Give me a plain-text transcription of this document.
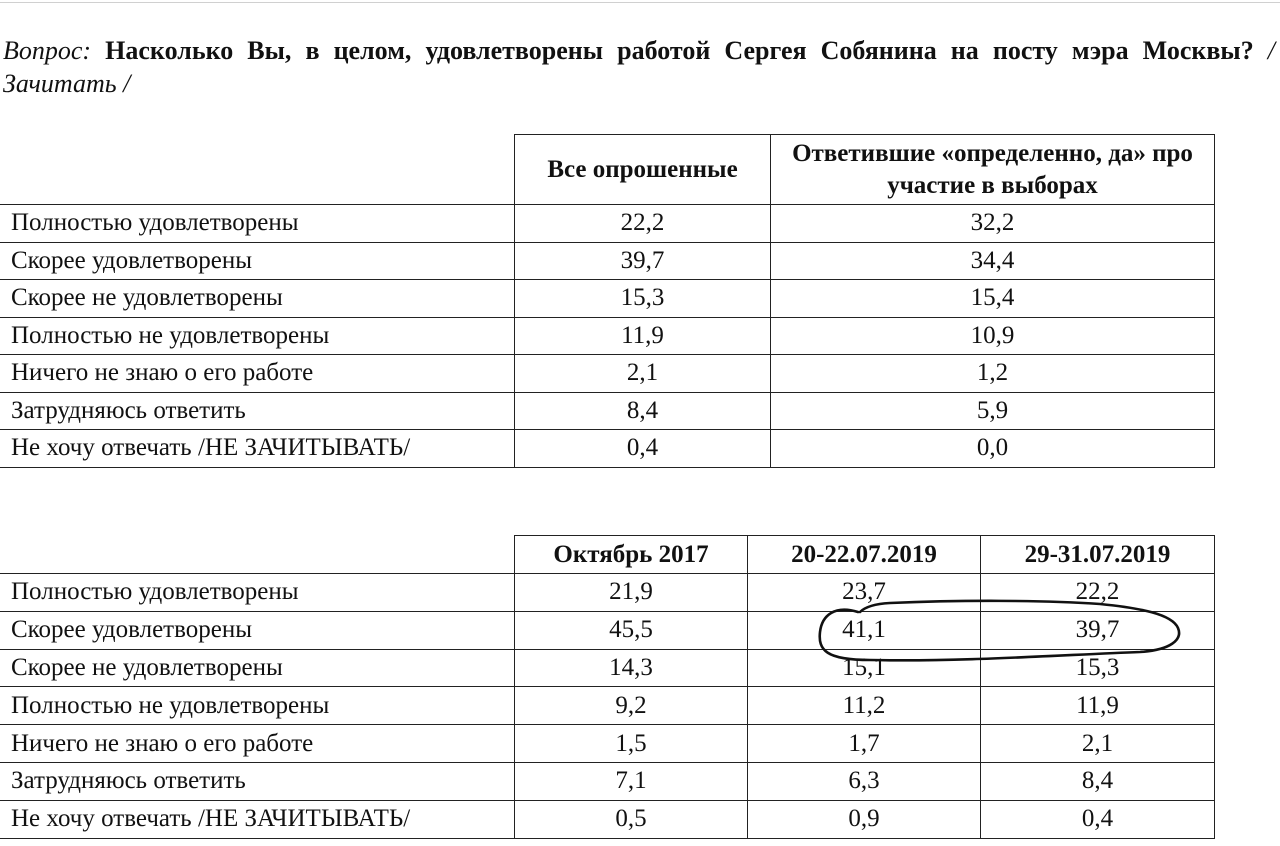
Вопрос: Насколько Вы, в целом, удовлетворены работой Сергея Собянина на посту мэра Москвы? /Зачитать /
	Все опрошенные	Ответившие «определенно, да» про участие в выборах

Полностью удовлетворены	22,2	32,2
Скорее удовлетворены	39,7	34,4
Скорее не удовлетворены	15,3	15,4
Полностью не удовлетворены	11,9	10,9
Ничего не знаю о его работе	2,1	1,2
Затрудняюсь ответить	8,4	5,9
Не хочу отвечать /НЕ ЗАЧИТЫВАТЬ/	0,4	0,0
	Октябрь 2017	20-22.07.2019	29-31.07.2019
Полностью удовлетворены	21,9	23,7	22,2
Скорее удовлетворены	45,5	41,1	39,7
Скорее не удовлетворены	14,3	15,1	15,3
Полностью не удовлетворены	9,2	11,2	11,9
Ничего не знаю о его работе	1,5	1,7	2,1
Затрудняюсь ответить	7,1	6,3	8,4
Не хочу отвечать /НЕ ЗАЧИТЫВАТЬ/	0,5	0,9	0,4
